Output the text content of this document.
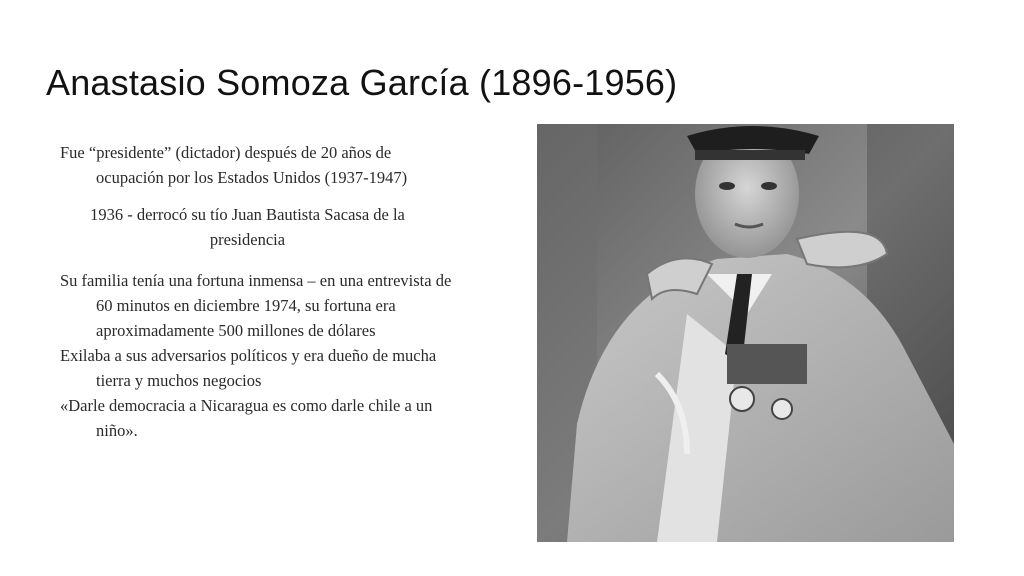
Anastasio Somoza García (1896-1956)

Fue “presidente” (dictador) después de 20 años de ocupación por los Estados Unidos (1937-1947)

1936 - derrocó su tío Juan Bautista Sacasa de la presidencia

Su familia tenía una fortuna inmensa – en una entrevista de 60 minutos en diciembre 1974, su fortuna era aproximadamente 500 millones de dólares

Exilaba a sus adversarios políticos y era dueño de mucha tierra y muchos negocios

«Darle democracia a Nicaragua es como darle chile a un niño».
